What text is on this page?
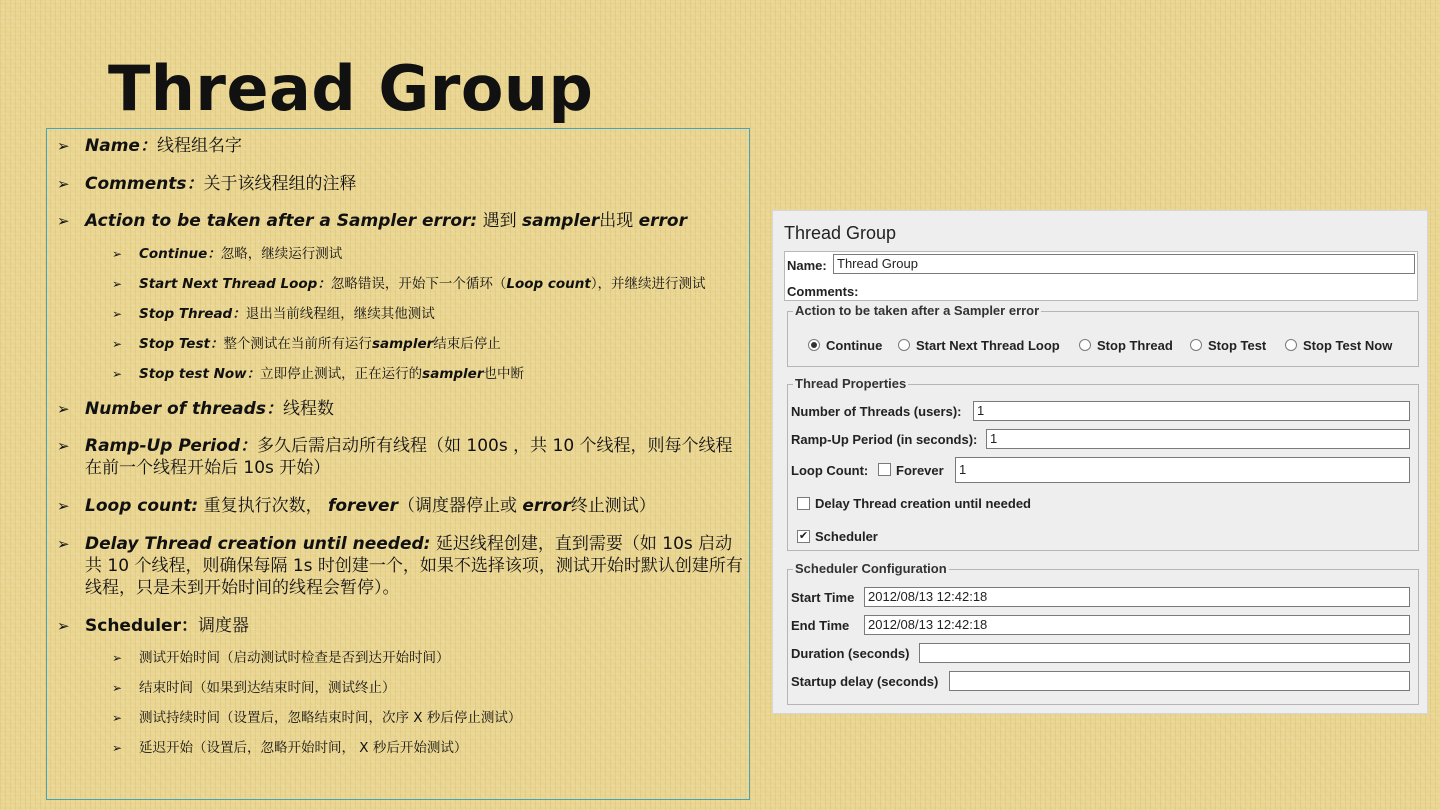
Thread Group
➢ Name：线程组名字
➢ Comments：关于该线程组的注释
➢ Action to be taken after a Sampler error: 遇到 sampler出现 error
➢ Continue：忽略，继续运行测试
➢ Start Next Thread Loop：忽略错误，开始下一个循环（Loop count），并继续进行测试
➢ Stop Thread：退出当前线程组，继续其他测试
➢ Stop Test：整个测试在当前所有运行sampler结束后停止
➢ Stop test Now：立即停止测试，正在运行的sampler也中断
➢ Number of threads：线程数
➢ Ramp-Up Period：多久后需启动所有线程（如 100s ，共 10 个线程，则每个线程在前一个线程开始后 10s 开始）
➢ Loop count: 重复执行次数， forever（调度器停止或 error终止测试）
➢ Delay Thread creation until needed: 延迟线程创建，直到需要（如 10s 启动共 10 个线程，则确保每隔 1s 时创建一个，如果不选择该项，测试开始时默认创建所有线程，只是未到开始时间的线程会暂停）。
➢ Scheduler：调度器
➢ 测试开始时间（启动测试时检查是否到达开始时间）
➢ 结束时间（如果到达结束时间，测试终止）
➢ 测试持续时间（设置后，忽略结束时间，次序 X 秒后停止测试）
➢ 延迟开始（设置后，忽略开始时间， X 秒后开始测试）
Thread Group
Name: Thread Group
Comments:
Action to be taken after a Sampler error
Continue	Start Next Thread Loop	Stop Thread	Stop Test	Stop Test Now
Thread Properties
Number of Threads (users):	1
Ramp-Up Period (in seconds): 1
Loop Count: Forever	1
Delay Thread creation until needed
✔ Scheduler
Scheduler Configuration
Start Time	2012/08/13 12:42:18
End Time	2012/08/13 12:42:18
Duration (seconds)
Startup delay (seconds)
